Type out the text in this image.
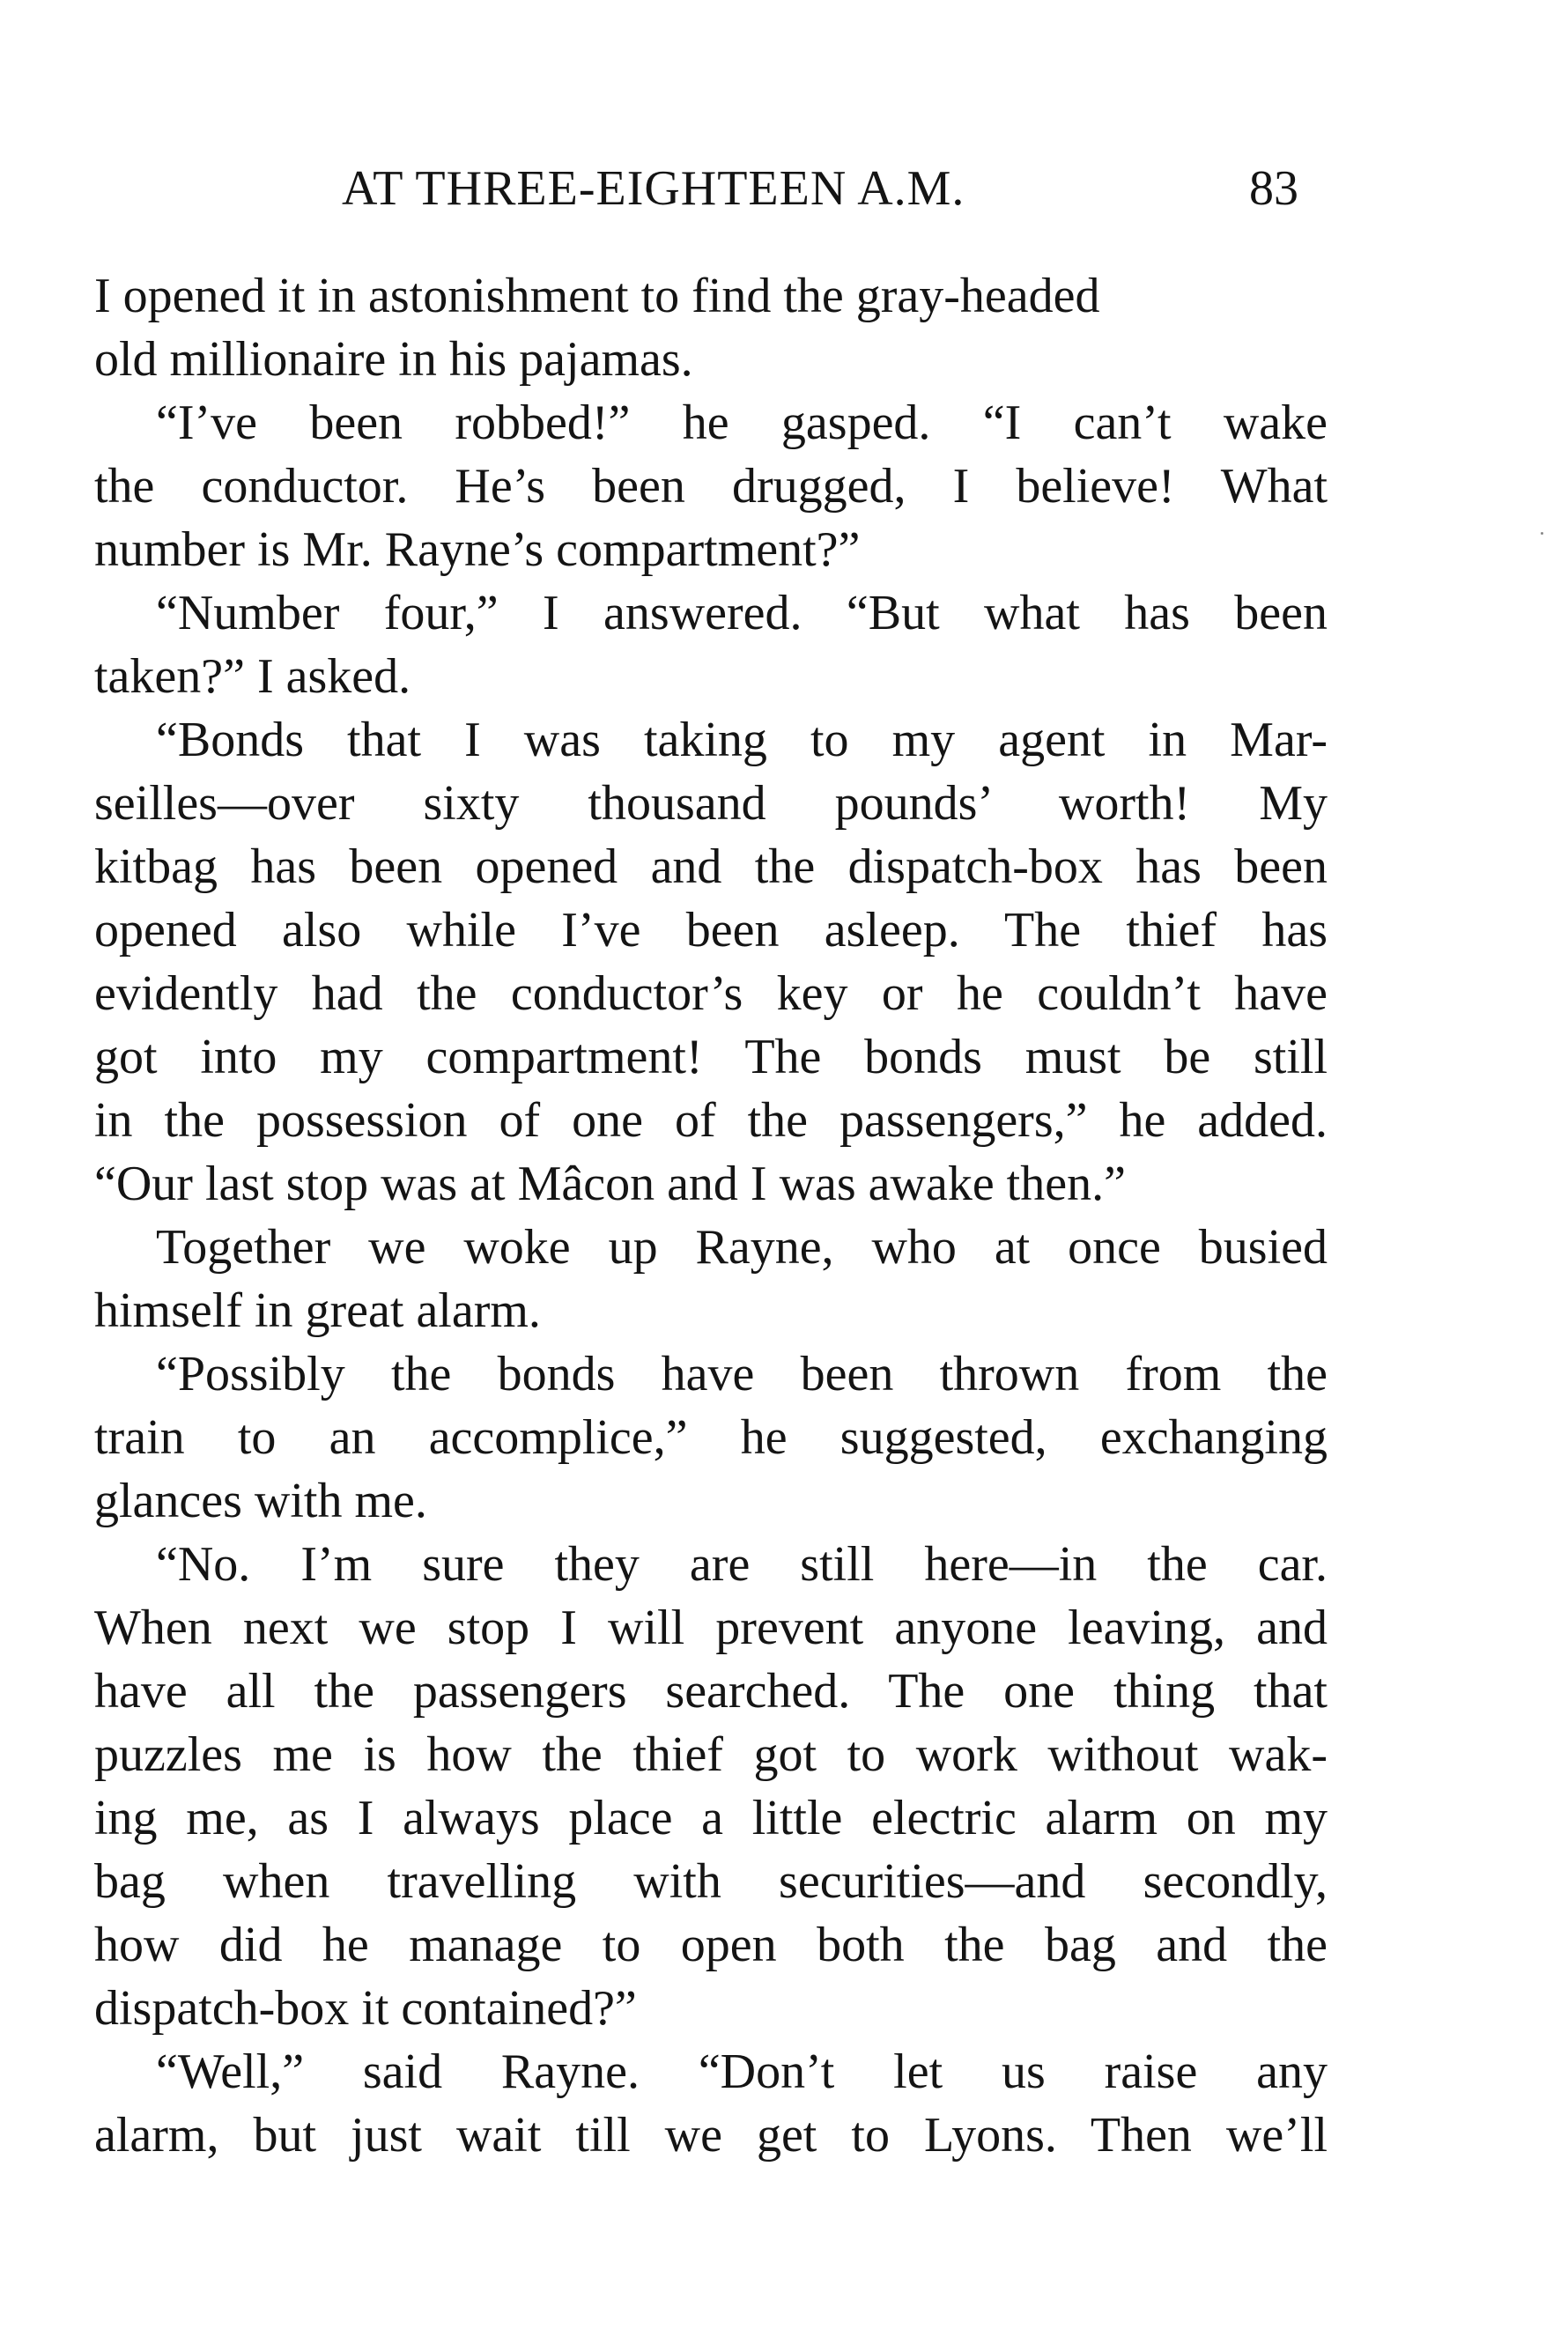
AT THREE-EIGHTEEN A.M.	83
I opened it in astonishment to find the gray-headed
old millionaire in his pajamas.
“I’ve been robbed!” he gasped. “I can’t wake
the conductor. He’s been drugged, I believe! What
number is Mr. Rayne’s compartment?”
“Number four,” I answered. “But what has been
taken?” I asked.
“Bonds that I was taking to my agent in Mar-
seilles—over sixty thousand pounds’ worth! My
kitbag has been opened and the dispatch-box has been
opened also while I’ve been asleep. The thief has
evidently had the conductor’s key or he couldn’t have
got into my compartment! The bonds must be still
in the possession of one of the passengers,” he added.
“Our last stop was at Mâcon and I was awake then.”
Together we woke up Rayne, who at once busied
himself in great alarm.
“Possibly the bonds have been thrown from the
train to an accomplice,” he suggested, exchanging
glances with me.
“No. I’m sure they are still here—in the car.
When next we stop I will prevent anyone leaving, and
have all the passengers searched. The one thing that
puzzles me is how the thief got to work without wak-
ing me, as I always place a little electric alarm on my
bag when travelling with securities—and secondly,
how did he manage to open both the bag and the
dispatch-box it contained?”
“Well,” said Rayne. “Don’t let us raise any
alarm, but just wait till we get to Lyons. Then we’ll
